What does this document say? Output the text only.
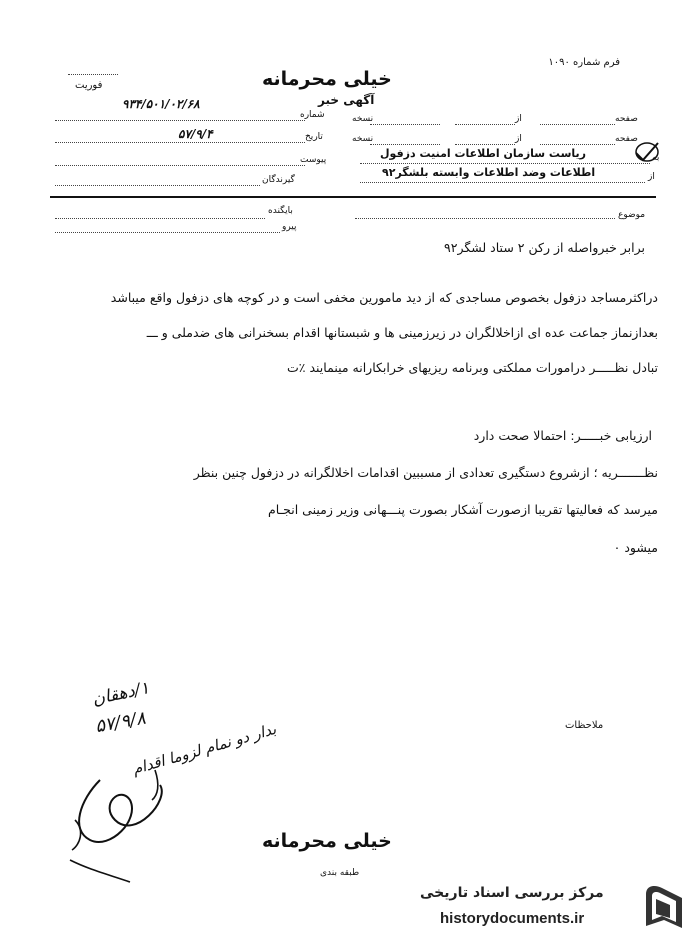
فرم شماره ۱۰۹۰
فوریت	خیلی محرمانه
آگهی خبر
۹۳۴/۵۰۱/۰۲/۶۸
شماره
۵۷/۹/۴	تاریخ
پیوست
گیرندگان
نسخه	از	صفحه
نسخه	از	صفحه
ریاست سازمان اطلاعات امنیت دزفول	به
اطلاعات وضد اطلاعات وابسته بلشگر۹۲	از
بایگنده
پیرو
موضوع
برابر خبرواصله از رکن ۲ ستاد لشگر۹۲
دراکثرمساجد دزفول بخصوص مساجدی که از دید مامورین مخفی است و در کوچه های دزفول واقع میباشد
بعدازنماز جماعت عده ای ازاخلالگران در زیرزمینی ها و شبستانها اقدام بسخنرانی های ضدملی و ـــ
تبادل نظـــــر درامورات مملکتی وبرنامه ریزیهای خرابکارانه مینمایند ٪ت
ارزیابی خبـــــر: احتمالا صحت دارد
نظـــــــریه ؛ ازشروع دستگیری تعدادی از مسببین اقدامات اخلالگرانه در دزفول چنین بنظر
میرسد که فعالیتها تقریبا ازصورت آشکار بصورت پنـــهانی وزیر زمینی انجـام
میشود ٠
۱/دهقان
۵۷/۹/۸
بدار دو نمام لزوما اقدام	ملاحظات
خیلی محرمانه
طبقه بندی
مرکز بررسی اسناد تاریخی
historydocuments.ir
